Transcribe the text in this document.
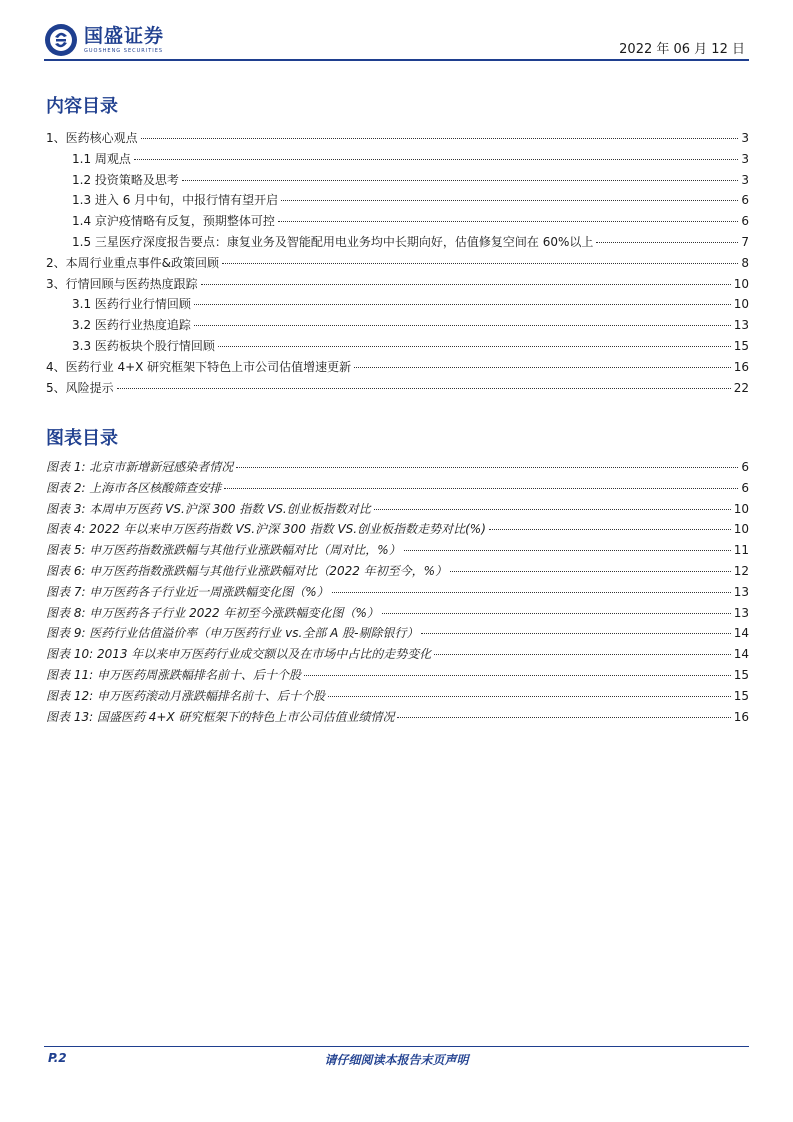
国盛证券
GUOSHENG SECURITIES	2022 年 06 月 12 日
内容目录
1、医药核心观点	3
1.1 周观点	3
1.2 投资策略及思考	3
1.3 进入 6 月中旬，中报行情有望开启	6
1.4 京沪疫情略有反复，预期整体可控	6
1.5 三星医疗深度报告要点：康复业务及智能配用电业务均中长期向好，估值修复空间在 60%以上	7
2、本周行业重点事件&政策回顾	8
3、行情回顾与医药热度跟踪	10
3.1 医药行业行情回顾	10
3.2 医药行业热度追踪	13
3.3 医药板块个股行情回顾	15
4、医药行业 4+X 研究框架下特色上市公司估值增速更新	16
5、风险提示	22
图表目录
图表 1: 北京市新增新冠感染者情况	6
图表 2: 上海市各区核酸筛查安排	6
图表 3: 本周申万医药 VS.沪深 300 指数 VS.创业板指数对比	10
图表 4: 2022 年以来申万医药指数 VS.沪深 300 指数 VS.创业板指数走势对比(%)	10
图表 5: 申万医药指数涨跌幅与其他行业涨跌幅对比（周对比，%）	11
图表 6: 申万医药指数涨跌幅与其他行业涨跌幅对比（2022 年初至今，%）	12
图表 7: 申万医药各子行业近一周涨跌幅变化图（%）	13
图表 8: 申万医药各子行业 2022 年初至今涨跌幅变化图（%）	13
图表 9: 医药行业估值溢价率（申万医药行业 vs.全部 A 股-剔除银行）	14
图表 10: 2013 年以来申万医药行业成交额以及在市场中占比的走势变化	14
图表 11: 申万医药周涨跌幅排名前十、后十个股	15
图表 12: 申万医药滚动月涨跌幅排名前十、后十个股	15
图表 13: 国盛医药 4+X 研究框架下的特色上市公司估值业绩情况	16
P.2	请仔细阅读本报告末页声明
